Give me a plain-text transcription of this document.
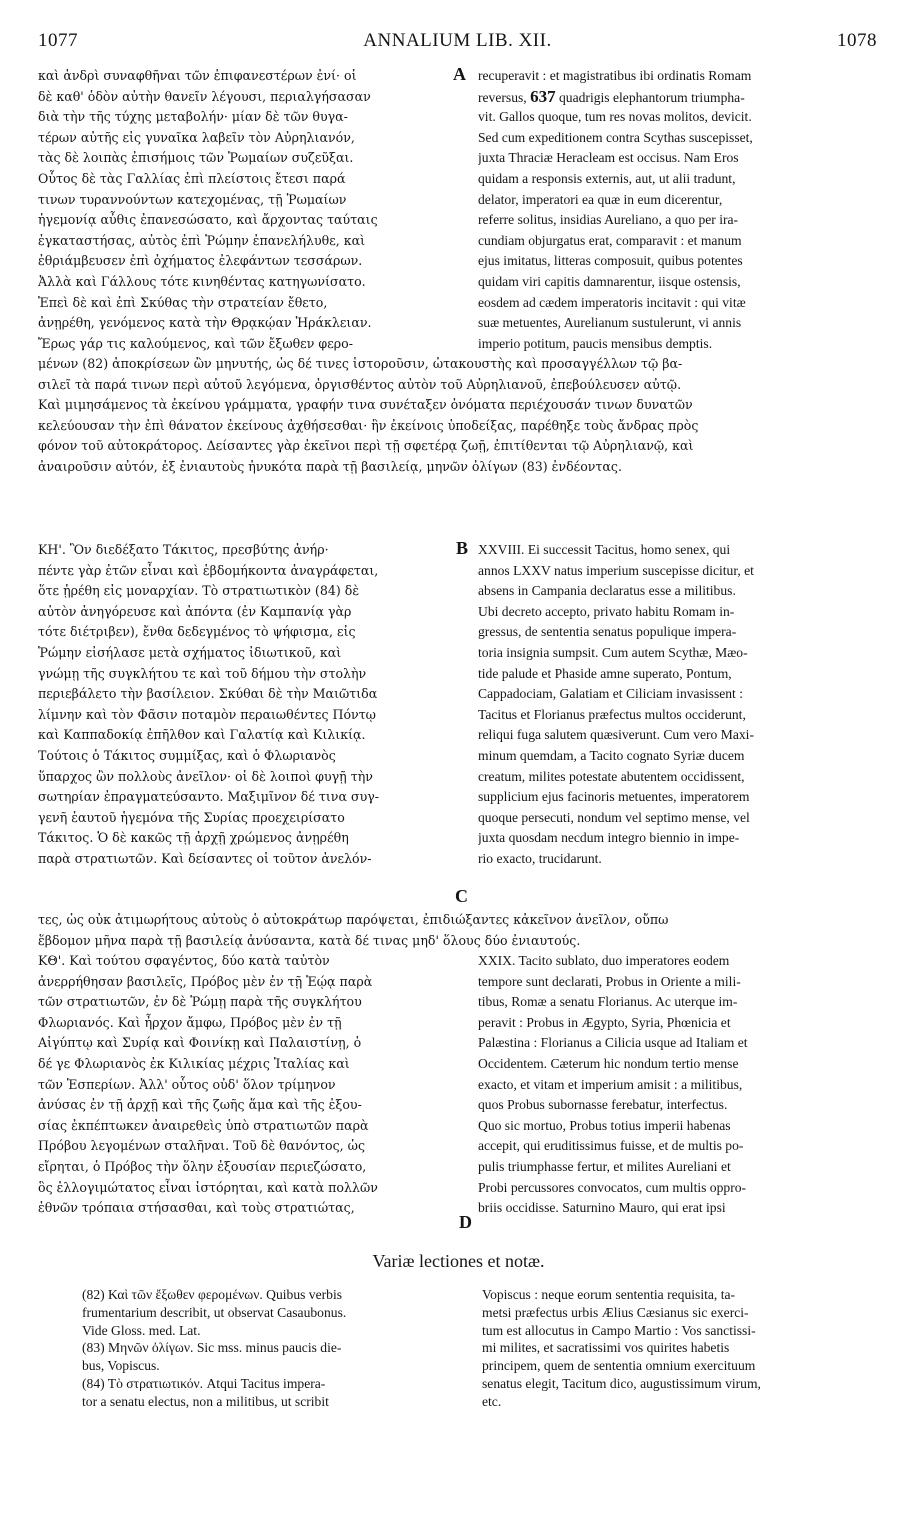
1077	ANNALIUM LIB. XII.	1078
καὶ ἀνδρὶ συναφθῆναι τῶν ἐπιφανεστέρων ἐνί· οἱ
δὲ καθ' ὁδὸν αὐτὴν θανεῖν λέγουσι, περιαλγήσασαν
διὰ τὴν τῆς τύχης μεταβολήν· μίαν δὲ τῶν θυγα-
τέρων αὐτῆς εἰς γυναῖκα λαβεῖν τὸν Αὐρηλιανόν,
τὰς δὲ λοιπὰς ἐπισήμοις τῶν Ῥωμαίων συζεῦξαι.
Οὗτος δὲ τὰς Γαλλίας ἐπὶ πλείστοις ἔτεσι παρά
τινων τυραννούντων κατεχομένας, τῇ Ῥωμαίων
ἡγεμονίᾳ αὖθις ἐπανεσώσατο, καὶ ἄρχοντας ταύταις
ἐγκαταστήσας, αὐτὸς ἐπὶ Ῥώμην ἐπανελήλυθε, καὶ
ἐθριάμβευσεν ἐπὶ ὀχήματος ἐλεφάντων τεσσάρων.
Ἀλλὰ καὶ Γάλλους τότε κινηθέντας κατηγωνίσατο.
Ἐπεὶ δὲ καὶ ἐπὶ Σκύθας τὴν στρατείαν ἔθετο,
ἀνῃρέθη, γενόμενος κατὰ τὴν Θρᾳκῴαν Ἡράκλειαν.
Ἔρως γάρ τις καλούμενος, καὶ τῶν ἔξωθεν φερο-
recuperavit : et magistratibus ibi ordinatis Romam
reversus, 637 quadrigis elephantorum triumpha-
vit. Gallos quoque, tum res novas molitos, devicit.
Sed cum expeditionem contra Scythas suscepisset,
juxta Thraciæ Heracleam est occisus. Nam Eros
quidam a responsis externis, aut, ut alii tradunt,
delator, imperatori ea quæ in eum dicerentur,
referre solitus, insidias Aureliano, a quo per ira-
cundiam objurgatus erat, comparavit : et manum
ejus imitatus, litteras composuit, quibus potentes
quidam viri capitis damnarentur, iisque ostensis,
eosdem ad cædem imperatoris incitavit : qui vitæ
suæ metuentes, Aurelianum sustulerunt, vi annis
imperio potitum, paucis mensibus demptis.
μένων (82) ἀποκρίσεων ὢν μηνυτής, ὡς δέ τινες ἱστοροῦσιν, ὠτακουστὴς καὶ προσαγγέλλων τῷ βα-
σιλεῖ τὰ παρά τινων περὶ αὐτοῦ λεγόμενα, ὀργισθέντος αὐτὸν τοῦ Αὐρηλιανοῦ, ἐπεβούλευσεν αὐτῷ.
Καὶ μιμησάμενος τὰ ἐκείνου γράμματα, γραφήν τινα συνέταξεν ὀνόματα περιέχουσάν τινων δυνατῶν
κελεύουσαν τὴν ἐπὶ θάνατον ἐκείνους ἀχθήσεσθαι· ἣν ἐκείνοις ὑποδείξας, παρέθηξε τοὺς ἄνδρας πρὸς
φόνον τοῦ αὐτοκράτορος. Δείσαντες γὰρ ἐκεῖνοι περὶ τῇ σφετέρᾳ ζωῇ, ἐπιτίθενται τῷ Αὐρηλιανῷ, καὶ
ἀναιροῦσιν αὐτόν, ἐξ ἐνιαυτοὺς ἠνυκότα παρὰ τῇ βασιλείᾳ, μηνῶν ὀλίγων (83) ἐνδέοντας.
ΚΗ'. Ὃν διεδέξατο Τάκιτος, πρεσβύτης ἀνήρ·
πέντε γὰρ ἐτῶν εἶναι καὶ ἑβδομήκοντα ἀναγράφεται,
ὅτε ᾑρέθη εἰς μοναρχίαν. Τὸ στρατιωτικὸν (84) δὲ
αὐτὸν ἀνηγόρευσε καὶ ἀπόντα (ἐν Καμπανίᾳ γὰρ
τότε διέτριβεν), ἔνθα δεδεγμένος τὸ ψήφισμα, εἰς
Ῥώμην εἰσήλασε μετὰ σχήματος ἰδιωτικοῦ, καὶ
γνώμῃ τῆς συγκλήτου τε καὶ τοῦ δήμου τὴν στολὴν
περιεβάλετο τὴν βασίλειον. Σκύθαι δὲ τὴν Μαιῶτιδα
λίμνην καὶ τὸν Φᾶσιν ποταμὸν περαιωθέντες Πόντῳ
καὶ Καππαδοκίᾳ ἐπῆλθον καὶ Γαλατίᾳ καὶ Κιλικίᾳ.
Τούτοις ὁ Τάκιτος συμμίξας, καὶ ὁ Φλωριανὸς
ὕπαρχος ὢν πολλοὺς ἀνεῖλον· οἱ δὲ λοιποὶ φυγῇ τὴν
σωτηρίαν ἐπραγματεύσαντο. Μαξιμῖνον δέ τινα συγ-
γενῆ ἑαυτοῦ ἡγεμόνα τῆς Συρίας προεχειρίσατο
Τάκιτος. Ὁ δὲ κακῶς τῇ ἀρχῇ χρώμενος ἀνῃρέθη
παρὰ στρατιωτῶν. Καὶ δείσαντες οἱ τοῦτον ἀνελόν-
XXVIII. Ei successit Tacitus, homo senex, qui
annos LXXV natus imperium suscepisse dicitur, et
absens in Campania declaratus esse a militibus.
Ubi decreto accepto, privato habitu Romam in-
gressus, de sententia senatus populique impera-
toria insignia sumpsit. Cum autem Scythæ, Mæo-
tide palude et Phaside amne superato, Pontum,
Cappadociam, Galatiam et Ciliciam invasissent :
Tacitus et Florianus præfectus multos occiderunt,
reliqui fuga salutem quæsiverunt. Cum vero Maxi-
minum quemdam, a Tacito cognato Syriæ ducem
creatum, milites potestate abutentem occidissent,
supplicium ejus facinoris metuentes, imperatorem
quoque persecuti, nondum vel septimo mense, vel
juxta quosdam necdum integro biennio in impe-
rio exacto, trucidarunt.
τες, ὡς οὐκ ἀτιμωρήτους αὐτοὺς ὁ αὐτοκράτωρ παρόψεται, ἐπιδιώξαντες κἀκεῖνον ἀνεῖλον, οὔπω
ἕβδομον μῆνα παρὰ τῇ βασιλείᾳ ἀνύσαντα, κατὰ δέ τινας μηδ' ὅλους δύο ἐνιαυτούς.
ΚΘ'. Καὶ τούτου σφαγέντος, δύο κατὰ ταὐτὸν
ἀνερρήθησαν βασιλεῖς, Πρόβος μὲν ἐν τῇ Ἑῴᾳ παρὰ
τῶν στρατιωτῶν, ἐν δὲ Ῥώμῃ παρὰ τῆς συγκλήτου
Φλωριανός. Καὶ ἦρχον ἄμφω, Πρόβος μὲν ἐν τῇ
Αἰγύπτῳ καὶ Συρίᾳ καὶ Φοινίκῃ καὶ Παλαιστίνῃ, ὁ
δέ γε Φλωριανὸς ἐκ Κιλικίας μέχρις Ἰταλίας καὶ
τῶν Ἑσπερίων. Ἀλλ' οὗτος οὐδ' ὅλον τρίμηνον
ἀνύσας ἐν τῇ ἀρχῇ καὶ τῆς ζωῆς ἅμα καὶ τῆς ἐξου-
σίας ἐκπέπτωκεν ἀναιρεθεὶς ὑπὸ στρατιωτῶν παρὰ
Πρόβου λεγομένων σταλῆναι. Τοῦ δὲ θανόντος, ὡς
εἴρηται, ὁ Πρόβος τὴν ὅλην ἐξουσίαν περιεζώσατο,
ὃς ἐλλογιμώτατος εἶναι ἱστόρηται, καὶ κατὰ πολλῶν
ἐθνῶν τρόπαια στήσασθαι, καὶ τοὺς στρατιώτας,
XXIX. Tacito sublato, duo imperatores eodem
tempore sunt declarati, Probus in Oriente a mili-
tibus, Romæ a senatu Florianus. Ac uterque im-
peravit : Probus in Ægypto, Syria, Phœnicia et
Palæstina : Florianus a Cilicia usque ad Italiam et
Occidentem. Cæterum hic nondum tertio mense
exacto, et vitam et imperium amisit : a militibus,
quos Probus subornasse ferebatur, interfectus.
Quo sic mortuo, Probus totius imperii habenas
accepit, qui eruditissimus fuisse, et de multis po-
pulis triumphasse fertur, et milites Aureliani et
Probi percussores convocatos, cum multis oppro-
briis occidisse. Saturnino Mauro, qui erat ipsi
A
B
C
D
Variæ lectiones et notæ.
(82) Καὶ τῶν ἔξωθεν φερομένων. Quibus verbis
frumentarium describit, ut observat Casaubonus.
Vide Gloss. med. Lat.
(83) Μηνῶν ὀλίγων. Sic mss. minus paucis die-
bus, Vopiscus.
(84) Τὸ στρατιωτικόν. Atqui Tacitus impera-
tor a senatu electus, non a militibus, ut scribit
Vopiscus : neque eorum sententia requisita, ta-
metsi præfectus urbis Ælius Cæsianus sic exerci-
tum est allocutus in Campo Martio : Vos sanctissi-
mi milites, et sacratissimi vos quirites habetis
principem, quem de sententia omnium exercituum
senatus elegit, Tacitum dico, augustissimum virum,
etc.
